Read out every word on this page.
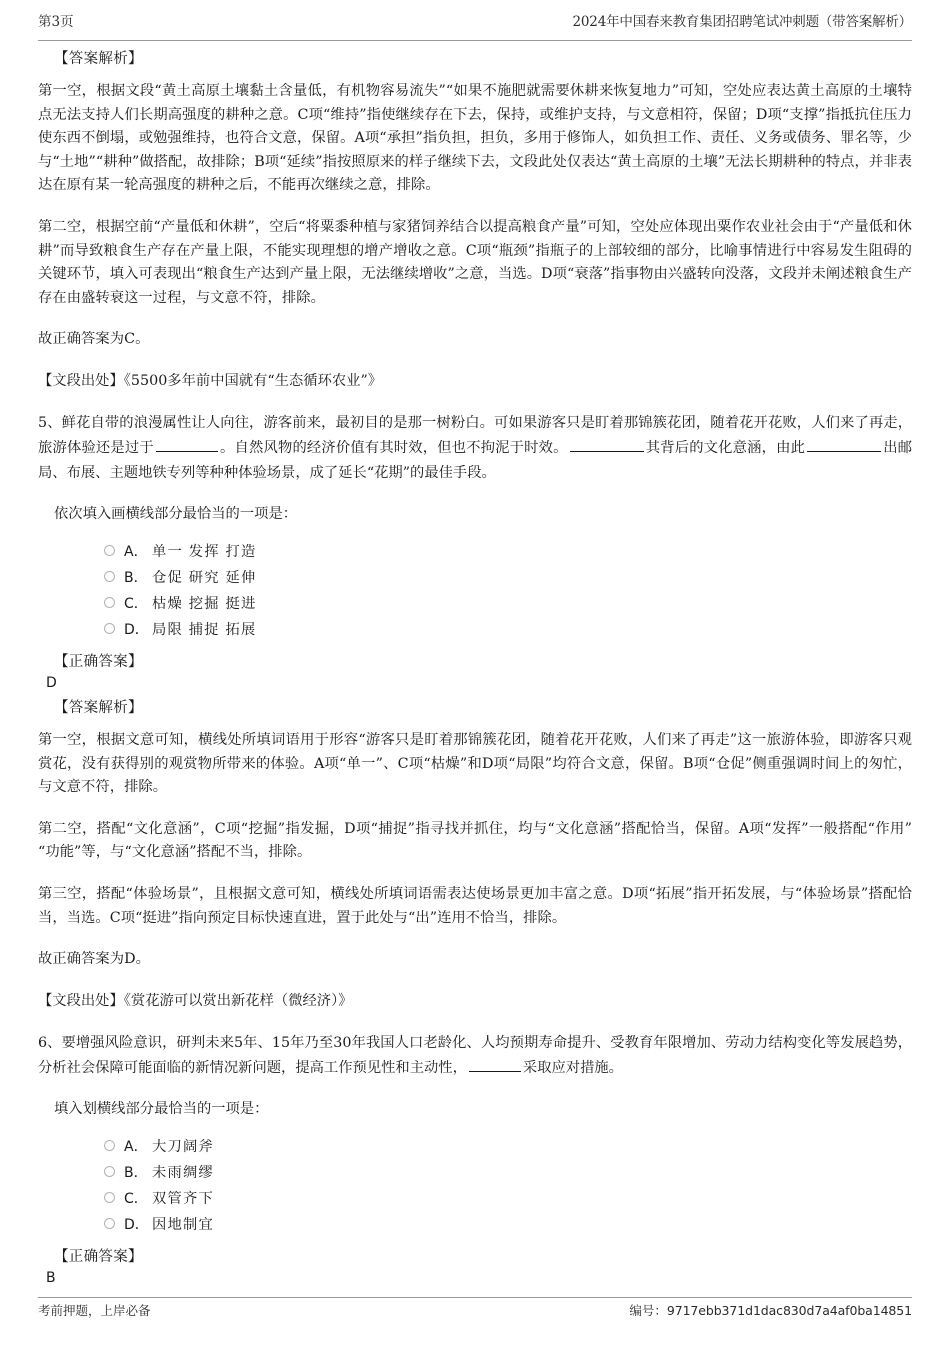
第3页	2024年中国春来教育集团招聘笔试冲刺题（带答案解析）
【答案解析】

第一空，根据文段“黄土高原土壤黏土含量低，有机物容易流失”“如果不施肥就需要休耕来恢复地力”可知，空处应表达黄土高原的土壤特点无法支持人们长期高强度的耕种之意。C项“维持”指使继续存在下去，保持，或维护支持，与文意相符，保留；D项“支撑”指抵抗住压力使东西不倒塌，或勉强维持，也符合文意，保留。A项“承担”指负担，担负，多用于修饰人，如负担工作、责任、义务或债务、罪名等，少与“土地”“耕种”做搭配，故排除；B项“延续”指按照原来的样子继续下去，文段此处仅表达“黄土高原的土壤”无法长期耕种的特点，并非表达在原有某一轮高强度的耕种之后，不能再次继续之意，排除。

第二空，根据空前“产量低和休耕”，空后“将粟黍种植与家猪饲养结合以提高粮食产量”可知，空处应体现出粟作农业社会由于“产量低和休耕”而导致粮食生产存在产量上限，不能实现理想的增产增收之意。C项“瓶颈”指瓶子的上部较细的部分，比喻事情进行中容易发生阻碍的关键环节，填入可表现出“粮食生产达到产量上限，无法继续增收”之意，当选。D项“衰落”指事物由兴盛转向没落，文段并未阐述粮食生产存在由盛转衰这一过程，与文意不符，排除。

故正确答案为C。

【文段出处】《5500多年前中国就有“生态循环农业”》

5、鲜花自带的浪漫属性让人向往，游客前来，最初目的是那一树粉白。可如果游客只是盯着那锦簇花团，随着花开花败，人们来了再走，旅游体验还是过于	。自然风物的经济价值有其时效，但也不拘泥于时效。	其背后的文化意涵，由此	出邮局、布展、主题地铁专列等种种体验场景，成了延长“花期”的最佳手段。

依次填入画横线部分最恰当的一项是：

A． 单一 发挥 打造
B． 仓促 研究 延伸
C． 枯燥 挖掘 挺进
D． 局限 捕捉 拓展
【正确答案】
D
【答案解析】

第一空，根据文意可知，横线处所填词语用于形容“游客只是盯着那锦簇花团，随着花开花败，人们来了再走”这一旅游体验，即游客只观赏花，没有获得别的观赏物所带来的体验。A项“单一”、C项“枯燥”和D项“局限”均符合文意，保留。B项“仓促”侧重强调时间上的匆忙，与文意不符，排除。

第二空，搭配“文化意涵”，C项“挖掘”指发掘，D项“捕捉”指寻找并抓住，均与“文化意涵”搭配恰当，保留。A项“发挥”一般搭配“作用”“功能”等，与“文化意涵”搭配不当，排除。

第三空，搭配“体验场景”，且根据文意可知，横线处所填词语需表达使场景更加丰富之意。D项“拓展”指开拓发展，与“体验场景”搭配恰当，当选。C项“挺进”指向预定目标快速直进，置于此处与“出”连用不恰当，排除。

故正确答案为D。

【文段出处】《赏花游可以赏出新花样（微经济）》

6、要增强风险意识，研判未来5年、15年乃至30年我国人口老龄化、人均预期寿命提升、受教育年限增加、劳动力结构变化等发展趋势，分析社会保障可能面临的新情况新问题，提高工作预见性和主动性，	采取应对措施。

填入划横线部分最恰当的一项是：

A． 大刀阔斧
B． 未雨绸缪
C． 双管齐下
D． 因地制宜
【正确答案】
B
考前押题，上岸必备	编号：9717ebb371d1dac830d7a4af0ba14851
